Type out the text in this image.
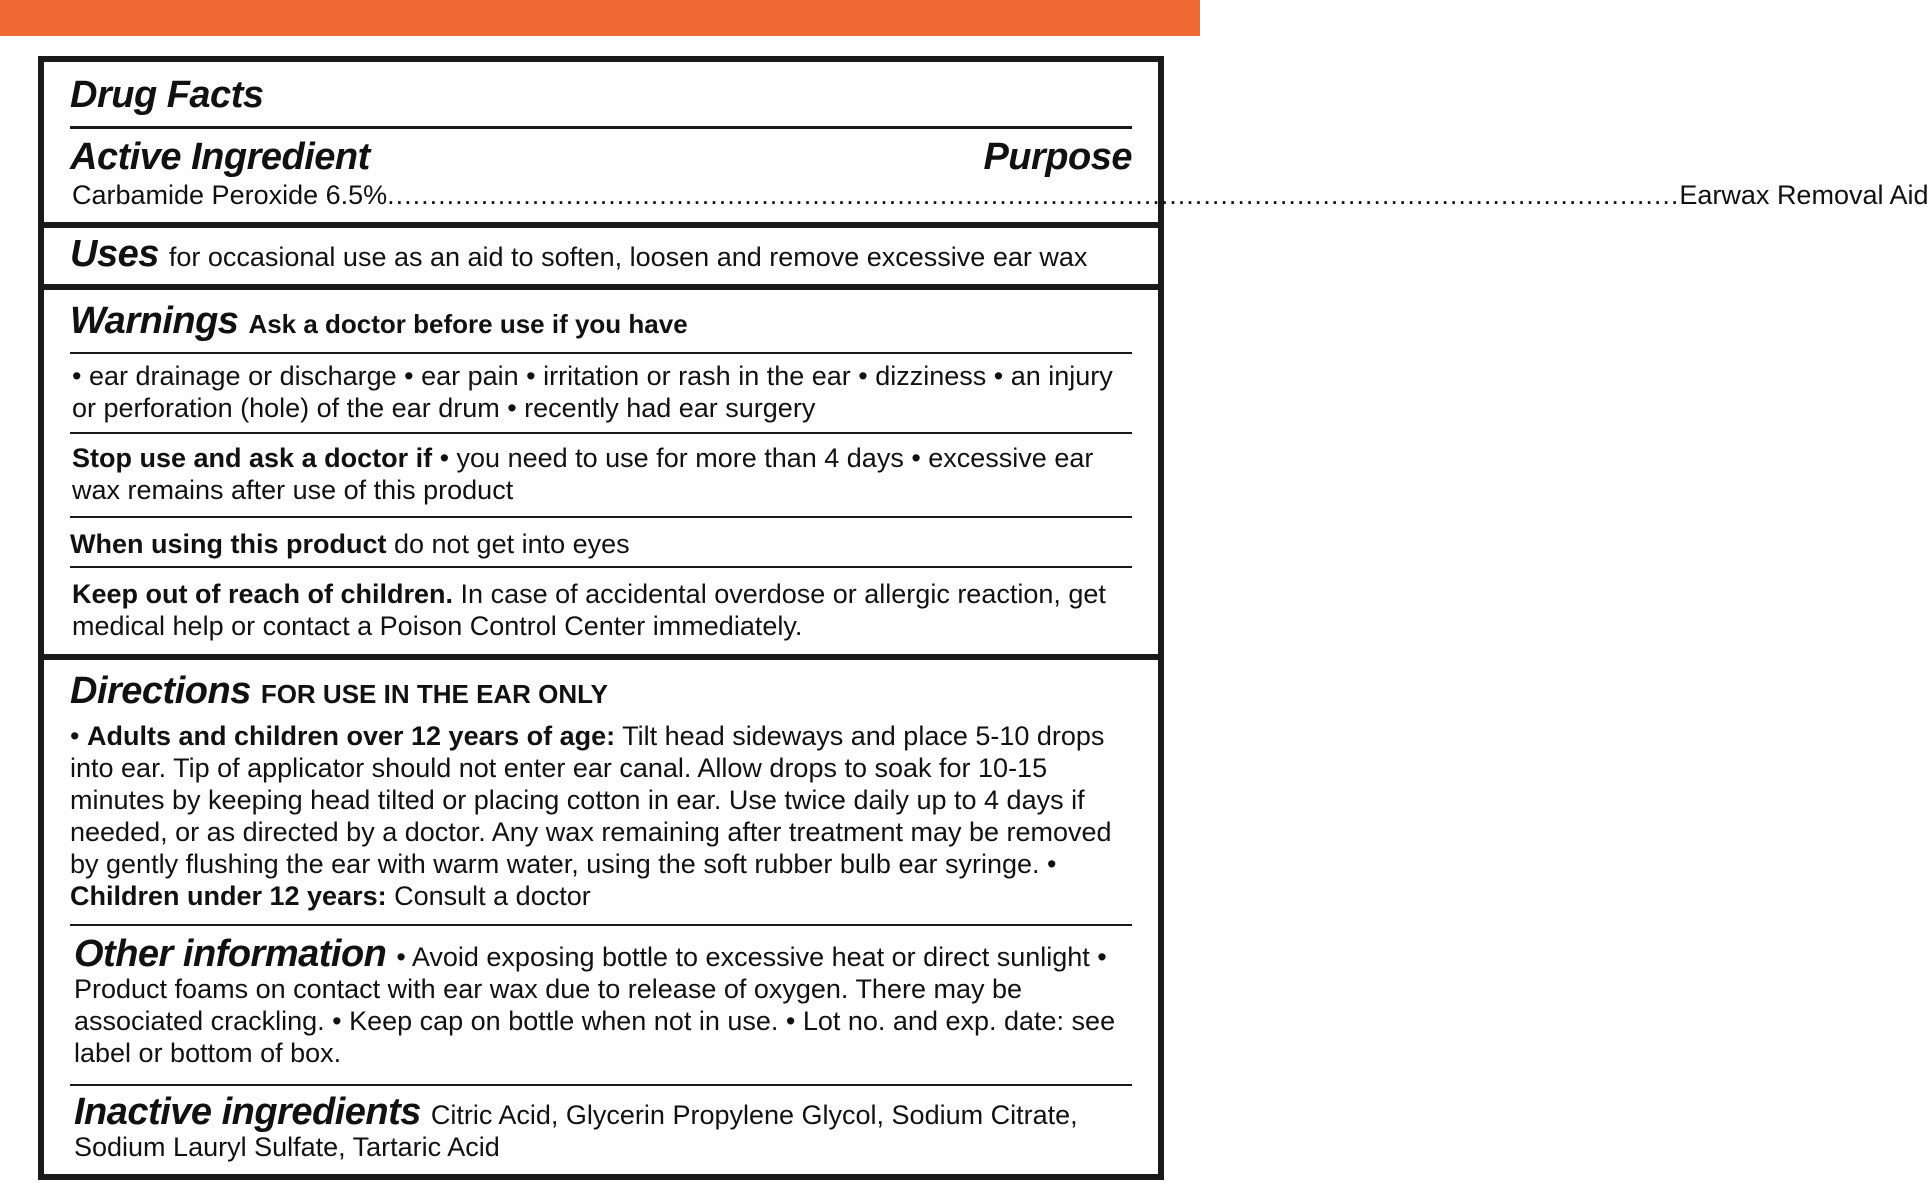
Drug Facts
Active Ingredient	Purpose
Carbamide Peroxide 6.5% ........................................................................................................................................................ Earwax Removal Aid
Uses for occasional use as an aid to soften, loosen and remove excessive ear wax
Warnings Ask a doctor before use if you have
• ear drainage or discharge • ear pain • irritation or rash in the ear • dizziness • an injury or perforation (hole) of the ear drum • recently had ear surgery
Stop use and ask a doctor if • you need to use for more than 4 days • excessive ear wax remains after use of this product
When using this product do not get into eyes
Keep out of reach of children. In case of accidental overdose or allergic reaction, get medical help or contact a Poison Control Center immediately.
Directions FOR USE IN THE EAR ONLY
• Adults and children over 12 years of age: Tilt head sideways and place 5-10 drops into ear. Tip of applicator should not enter ear canal. Allow drops to soak for 10-15 minutes by keeping head tilted or placing cotton in ear. Use twice daily up to 4 days if needed, or as directed by a doctor. Any wax remaining after treatment may be removed by gently flushing the ear with warm water, using the soft rubber bulb ear syringe. • Children under 12 years: Consult a doctor
Other information • Avoid exposing bottle to excessive heat or direct sunlight • Product foams on contact with ear wax due to release of oxygen. There may be associated crackling. • Keep cap on bottle when not in use. • Lot no. and exp. date: see label or bottom of box.
Inactive ingredients Citric Acid, Glycerin Propylene Glycol, Sodium Citrate, Sodium Lauryl Sulfate, Tartaric Acid
